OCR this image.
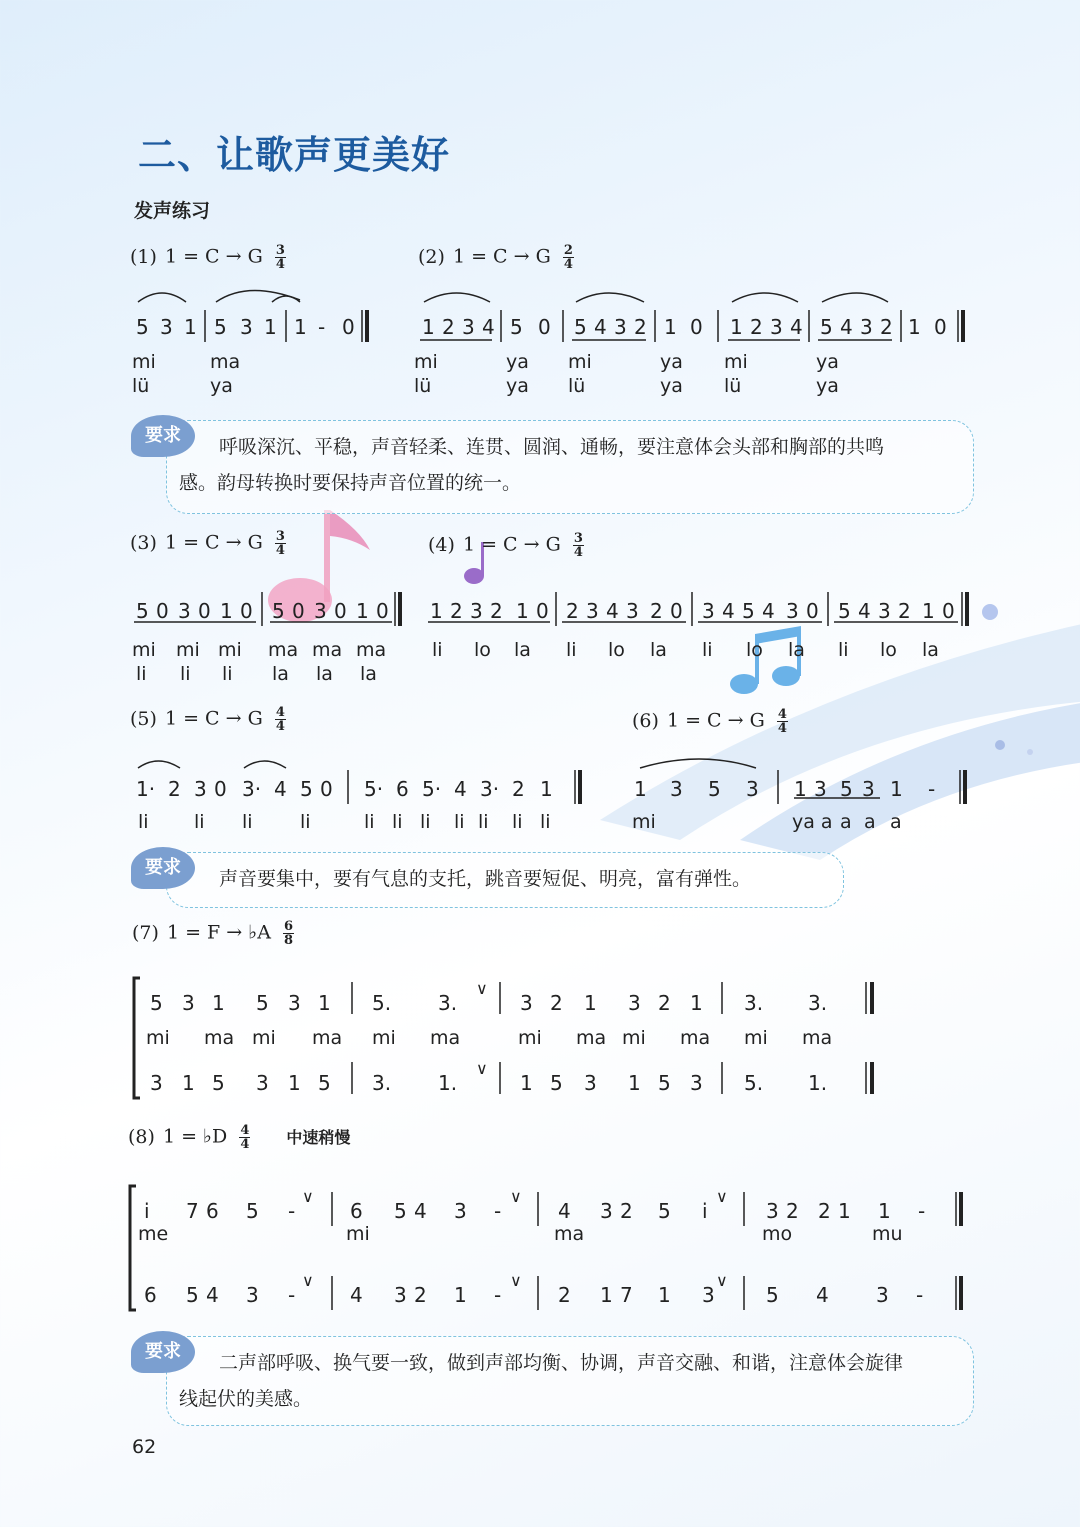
二、让歌声更美好
发声练习
(1) 1 = C → G $\frac{3}{4}$
5 3 1 5 3 1 1 - 0
mi	ma
lü	ya
(2) 1 = C → G $\frac{2}{4}$
1 2 3 4 5 0 5 4 3 2 1 0 1 2 3 4 5 4 3 2 1 0
mi	ya mi	ya mi	ya
lü	ya lü	ya lü	ya
要求
呼吸深沉、平稳，声音轻柔、连贯、圆润、通畅，要注意体会头部和胸部的共鸣
感。韵母转换时要保持声音位置的统一。
(3) 1 = C → G $\frac{3}{4}$
5 0 3 0 1 0 5 0 3 0 1 0
mi mi mi ma ma ma
li li li la la la
(4) 1 = C → G $\frac{3}{4}$
1 2 3 2 1 0 2 3 4 3 2 0 3 4 5 4 3 0 5 4 3 2 1 0
li lo la li lo la li lo la li lo la
(5) 1 = C → G $\frac{4}{4}$
1· 2 3 0 3· 4 5 0 5· 6 5· 4 3· 2 1
li li li li	li li li li li li li
(6) 1 = C → G $\frac{4}{4}$
1 3 5 3 1 3 5 3 1 -
mi	ya a a a a
要求
声音要集中，要有气息的支托，跳音要短促、明亮，富有弹性。
(7) 1 = F → ♭A $\frac{6}{8}$
5 3 1 5 3 1 5. 3.	3 2 1 3 2 1 3. 3.
mi ma mi ma mi ma	mi ma mi ma mi ma
3 1 5 3 1 5 3. 1.	1 5 3 1 5 3 5. 1.
∨
∨
(8) 1 = ♭D $\frac{4}{4}$ 中速稍慢
i 7 6 5 -	6 5 4 3 -	4 3 2 5 i	3 2 2 1 1 -
me	mi	ma	mo	mu
6 5 4 3 -	4 3 2 1 -	2 1 7 1 3	5 4 3 -
∨	∨	∨
∨	∨	∨
要求
二声部呼吸、换气要一致，做到声部均衡、协调，声音交融、和谐，注意体会旋律
线起伏的美感。
62
